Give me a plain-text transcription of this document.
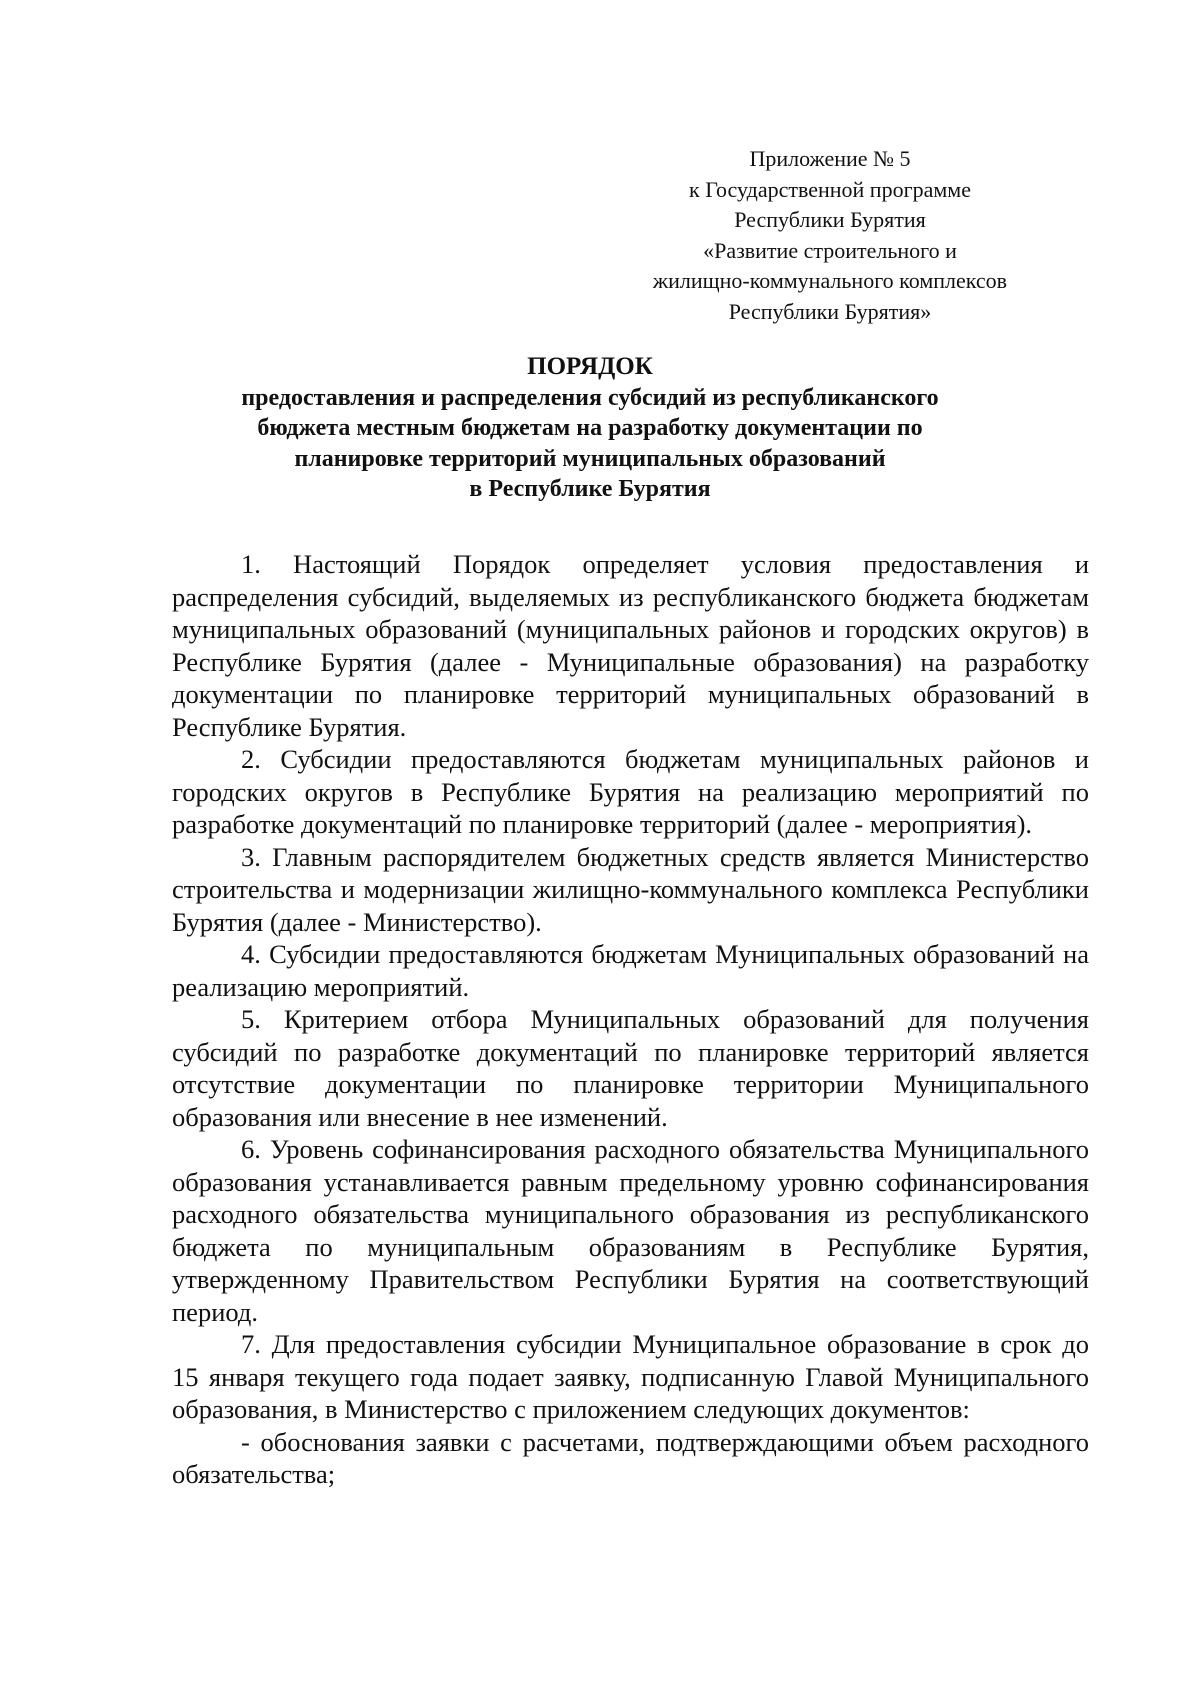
Приложение № 5
к Государственной программе
Республики Бурятия
«Развитие строительного и
жилищно-коммунального комплексов
Республики Бурятия»
ПОРЯДОК
предоставления и распределения субсидий из республиканского
бюджета местным бюджетам на разработку документации по
планировке территорий муниципальных образований
в Республике Бурятия

1. Настоящий Порядок определяет условия предоставления и распределения субсидий, выделяемых из республиканского бюджета бюджетам муниципальных образований (муниципальных районов и городских округов) в Республике Бурятия (далее - Муниципальные образования) на разработку документации по планировке территорий муниципальных образований в Республике Бурятия.

2. Субсидии предоставляются бюджетам муниципальных районов и городских округов в Республике Бурятия на реализацию мероприятий по разработке документаций по планировке территорий (далее - мероприятия).

3. Главным распорядителем бюджетных средств является Министерство строительства и модернизации жилищно-коммунального комплекса Республики Бурятия (далее - Министерство).

4. Субсидии предоставляются бюджетам Муниципальных образований на реализацию мероприятий.

5. Критерием отбора Муниципальных образований для получения субсидий по разработке документаций по планировке территорий является отсутствие документации по планировке территории Муниципального образования или внесение в нее изменений.

6. Уровень софинансирования расходного обязательства Муниципального образования устанавливается равным предельному уровню софинансирования расходного обязательства муниципального образования из республиканского бюджета по муниципальным образованиям в Республике Бурятия, утвержденному Правительством Республики Бурятия на соответствующий период.

7. Для предоставления субсидии Муниципальное образование в срок до 15 января текущего года подает заявку, подписанную Главой Муниципального образования, в Министерство с приложением следующих документов:

- обоснования заявки с расчетами, подтверждающими объем расходного обязательства;
